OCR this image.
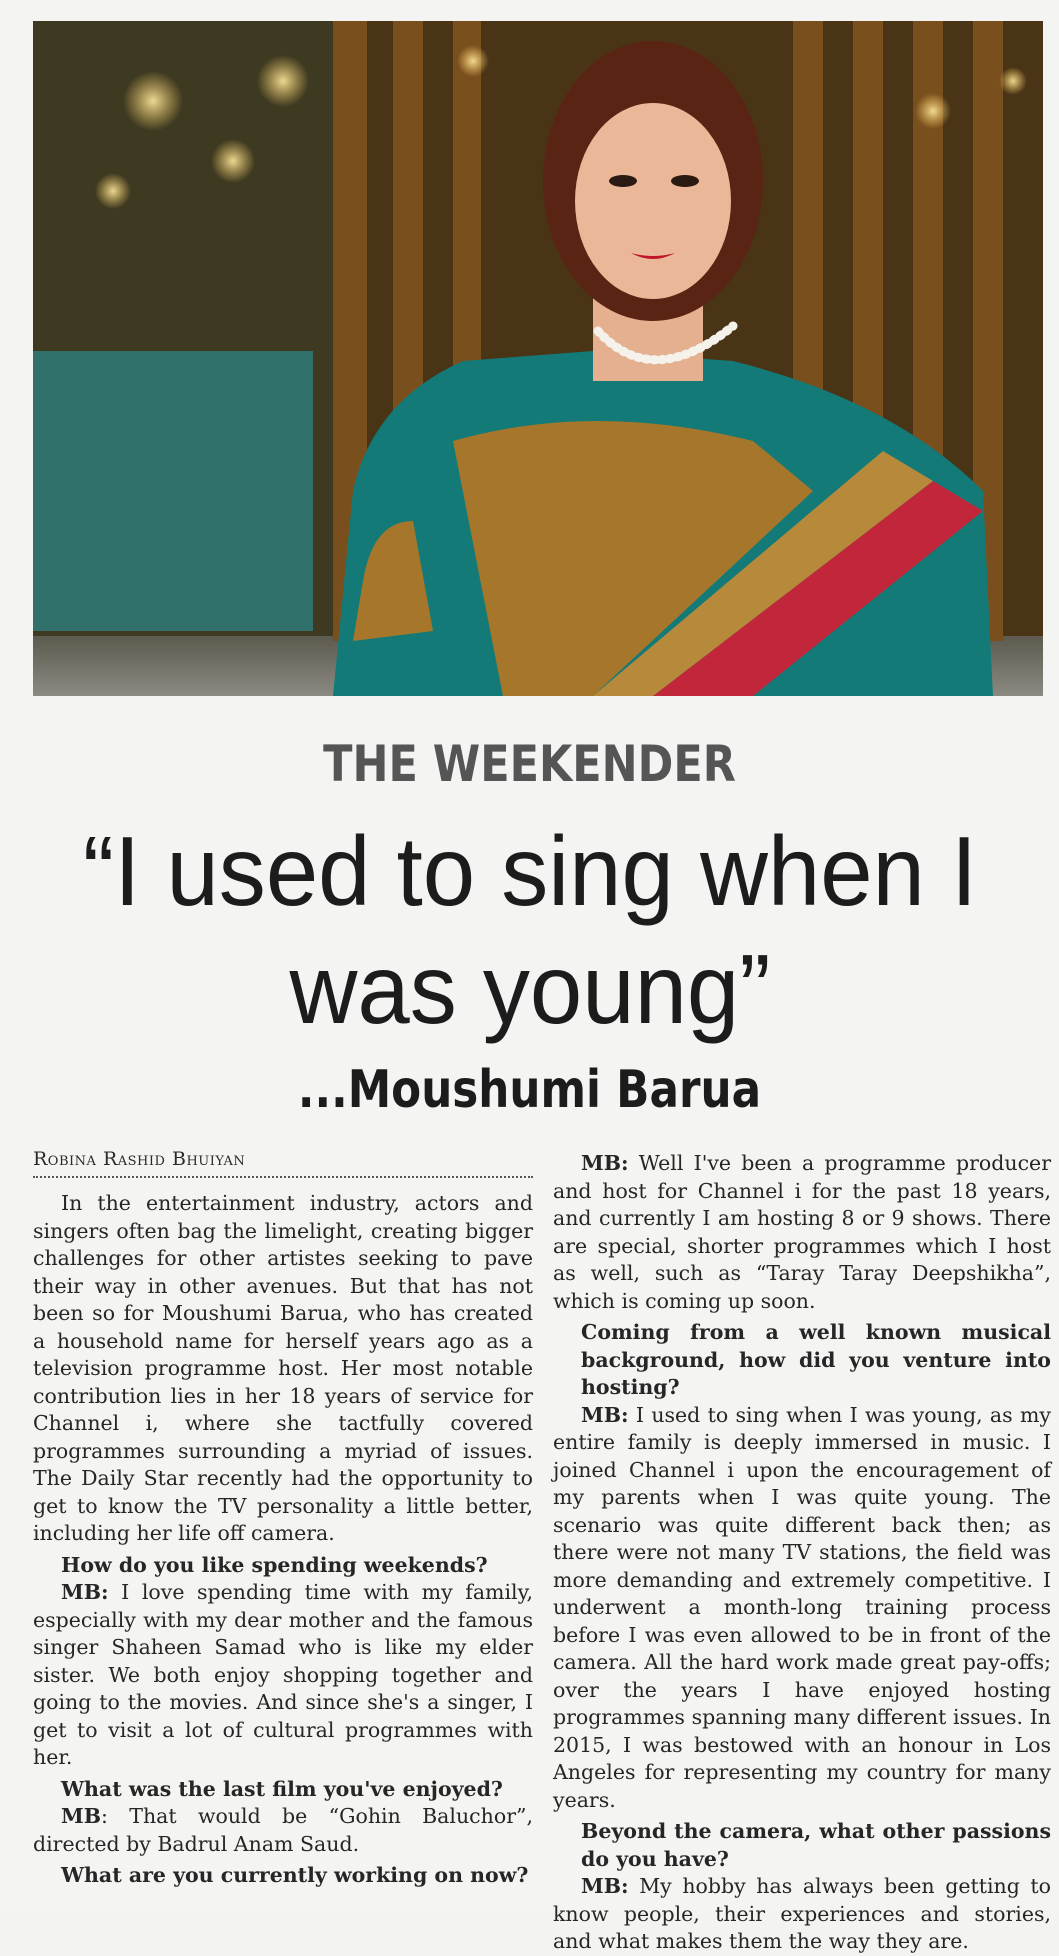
THE WEEKENDER
“I used to sing when I was young”
...Moushumi Barua
Robina Rashid Bhuiyan

In the entertainment industry, actors and singers often bag the limelight, creating bigger challenges for other artistes seeking to pave their way in other avenues. But that has not been so for Moushumi Barua, who has created a household name for herself years ago as a television programme host. Her most notable contribution lies in her 18 years of service for Channel i, where she tactfully covered programmes surrounding a myriad of issues. The Daily Star recently had the opportunity to get to know the TV personality a little better, including her life off camera.

How do you like spending weekends?

MB: I love spending time with my family, especially with my dear mother and the famous singer Shaheen Samad who is like my elder sister. We both enjoy shopping together and going to the movies. And since she's a singer, I get to visit a lot of cultural programmes with her.

What was the last film you've enjoyed?

MB: That would be “Gohin Baluchor”, directed by Badrul Anam Saud.

What are you currently working on now?

MB: Well I've been a programme producer and host for Channel i for the past 18 years, and currently I am hosting 8 or 9 shows. There are special, shorter programmes which I host as well, such as “Taray Taray Deepshikha”, which is coming up soon.

Coming from a well known musical background, how did you venture into hosting?

MB: I used to sing when I was young, as my entire family is deeply immersed in music. I joined Channel i upon the encouragement of my parents when I was quite young. The scenario was quite different back then; as there were not many TV stations, the field was more demanding and extremely competitive. I underwent a month-long training process before I was even allowed to be in front of the camera. All the hard work made great pay-offs; over the years I have enjoyed hosting programmes spanning many different issues. In 2015, I was bestowed with an honour in Los Angeles for representing my country for many years.

Beyond the camera, what other passions do you have?

MB: My hobby has always been getting to know people, their experiences and stories, and what makes them the way they are.
